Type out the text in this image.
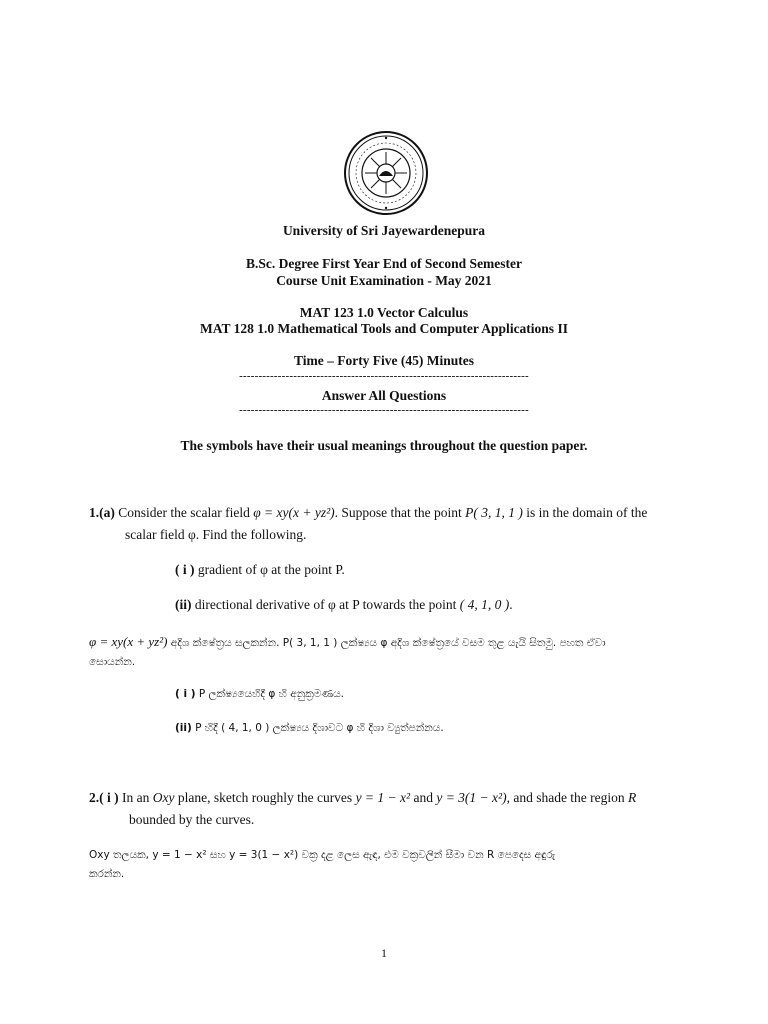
University of Sri Jayewardenepura
B.Sc. Degree First Year End of Second Semester
Course Unit Examination - May 2021
MAT 123 1.0 Vector Calculus
MAT 128 1.0 Mathematical Tools and Computer Applications II
Time – Forty Five (45) Minutes
---------------------------------------------------------------------------
Answer All Questions
---------------------------------------------------------------------------
The symbols have their usual meanings throughout the question paper.
1.(a) Consider the scalar field φ = xy(x + yz²). Suppose that the point P( 3, 1, 1 ) is in the domain of the
scalar field φ. Find the following.
( i ) gradient of φ at the point P.
(ii) directional derivative of φ at P towards the point ( 4, 1, 0 ).
φ = xy(x + yz²) අදිශ ක්ෂේත්‍රය සලකන්න. P( 3, 1, 1 ) ලක්ෂ්‍යය φ අදිශ ක්ෂේත්‍රයේ වසම තුළ යැයි සිතමු. පහත ඒවා
සොයන්න.
( i ) P ලක්ෂ්‍යයෙහිදී φ හි අනුක්‍රමණය.
(ii) P හිදී ( 4, 1, 0 ) ලක්ෂ්‍යය දිශාවට φ හි දිශා ව්‍යුත්පන්නය.
2.( i ) In an Oxy plane, sketch roughly the curves y = 1 − x² and y = 3(1 − x²), and shade the region R
bounded by the curves.
Oxy තලයක, y = 1 − x² සහ y = 3(1 − x²) වක්‍ර දළ ලෙස ඇඳ, එම වක්‍රවලින් සීමා වන R පෙදෙස අඳුරු
කරන්න.
1
